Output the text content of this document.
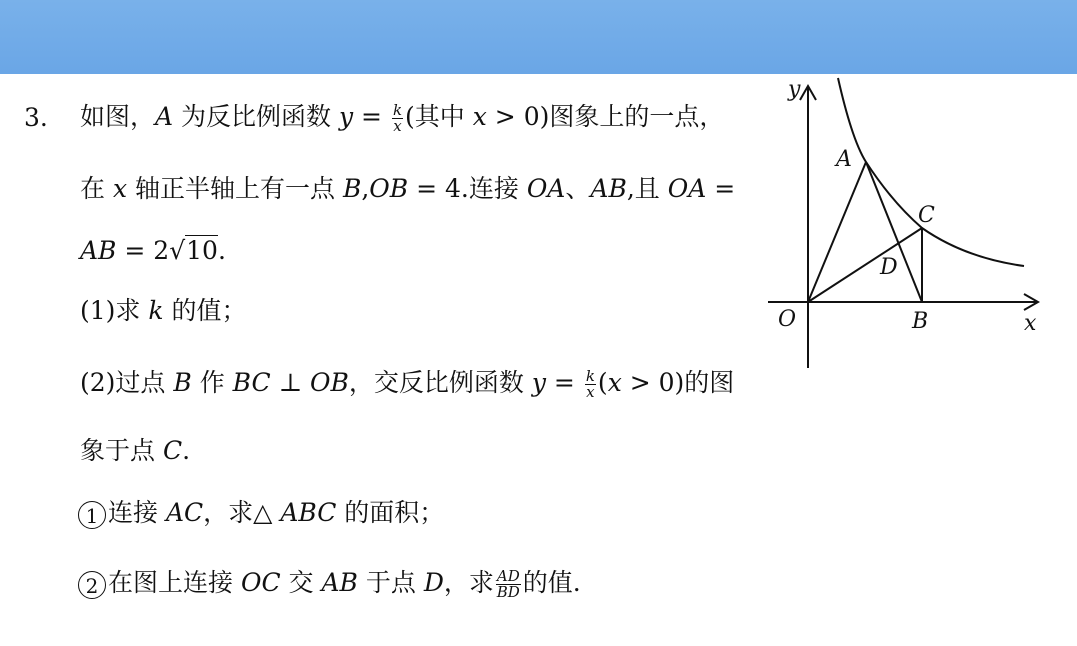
3. 如图，A 为反比例函数 $y = \frac{k}{x}$ (其中 x > 0)图象上的一点，
在 x 轴正半轴上有一点 B,OB = 4.连接 OA、AB,且 OA =
AB = 2√10.
(1)求 k 的值；
(2)过点 B 作 BC ⊥ OB，交反比例函数 $y = \frac{k}{x} (x > 0)$的图
象于点 C.
1 连接 AC，求△ ABC 的面积；
2 在图上连接 OC 交 AB 于点 D，求 $\frac{AD}{BD}$ 的值.
y
x
O
A
B
C
D
